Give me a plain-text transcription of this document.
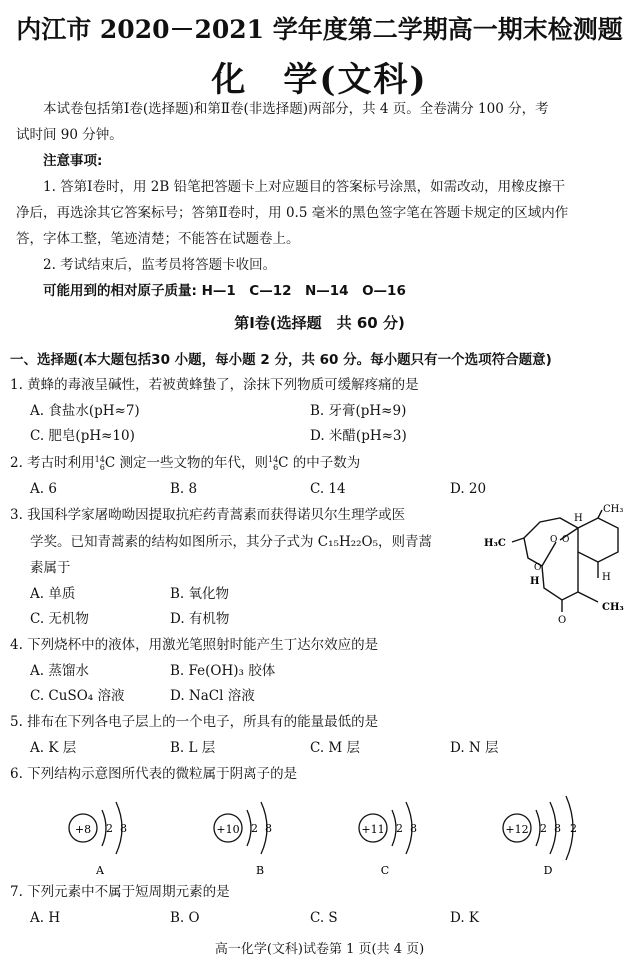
内江市 2020－2021 学年度第二学期高一期末检测题
化　学(文科)
本试卷包括第Ⅰ卷(选择题)和第Ⅱ卷(非选择题)两部分，共 4 页。全卷满分 100 分，考
试时间 90 分钟。
注意事项:
1. 答第Ⅰ卷时，用 2B 铅笔把答题卡上对应题目的答案标号涂黑，如需改动，用橡皮擦干
净后，再选涂其它答案标号；答第Ⅱ卷时，用 0.5 毫米的黑色签字笔在答题卡规定的区域内作
答，字体工整，笔迹清楚；不能答在试题卷上。
2. 考试结束后，监考员将答题卡收回。
可能用到的相对原子质量: H—1　C—12　N—14　O—16
第Ⅰ卷(选择题　共 60 分)
一、选择题(本大题包括30 小题，每小题 2 分，共 60 分。每小题只有一个选项符合题意)
1. 黄蜂的毒液呈碱性，若被黄蜂蛰了，涂抹下列物质可缓解疼痛的是
A. 食盐水(pH≈7)	B. 牙膏(pH≈9)
C. 肥皂(pH≈10)	D. 米醋(pH≈3)
2. 考古时利用14
6C 测定一些文物的年代，则14
6C 的中子数为
A. 6	B. 8	C. 14	D. 20
3. 我国科学家屠呦呦因提取抗疟药青蒿素而获得诺贝尔生理学或医
学奖。已知青蒿素的结构如图所示，其分子式为 C₁₅H₂₂O₅，则青蒿
素属于
A. 单质	B. 氧化物
C. 无机物	D. 有机物
H
CH₃
H₃C	O O
O
H	H
CH₃
O
4. 下列烧杯中的液体，用激光笔照射时能产生丁达尔效应的是
A. 蒸馏水	B. Fe(OH)₃ 胶体
C. CuSO₄ 溶液	D. NaCl 溶液
5. 排布在下列各电子层上的一个电子，所具有的能量最低的是
A. K 层	B. L 层	C. M 层	D. N 层
6. 下列结构示意图所代表的微粒属于阴离子的是
+8 2 8
A
+10 2 8
B
+11 2 8
C
+12 2 8 2
D
7. 下列元素中不属于短周期元素的是
A. H	B. O	C. S	D. K
高一化学(文科)试卷第 1 页(共 4 页)
